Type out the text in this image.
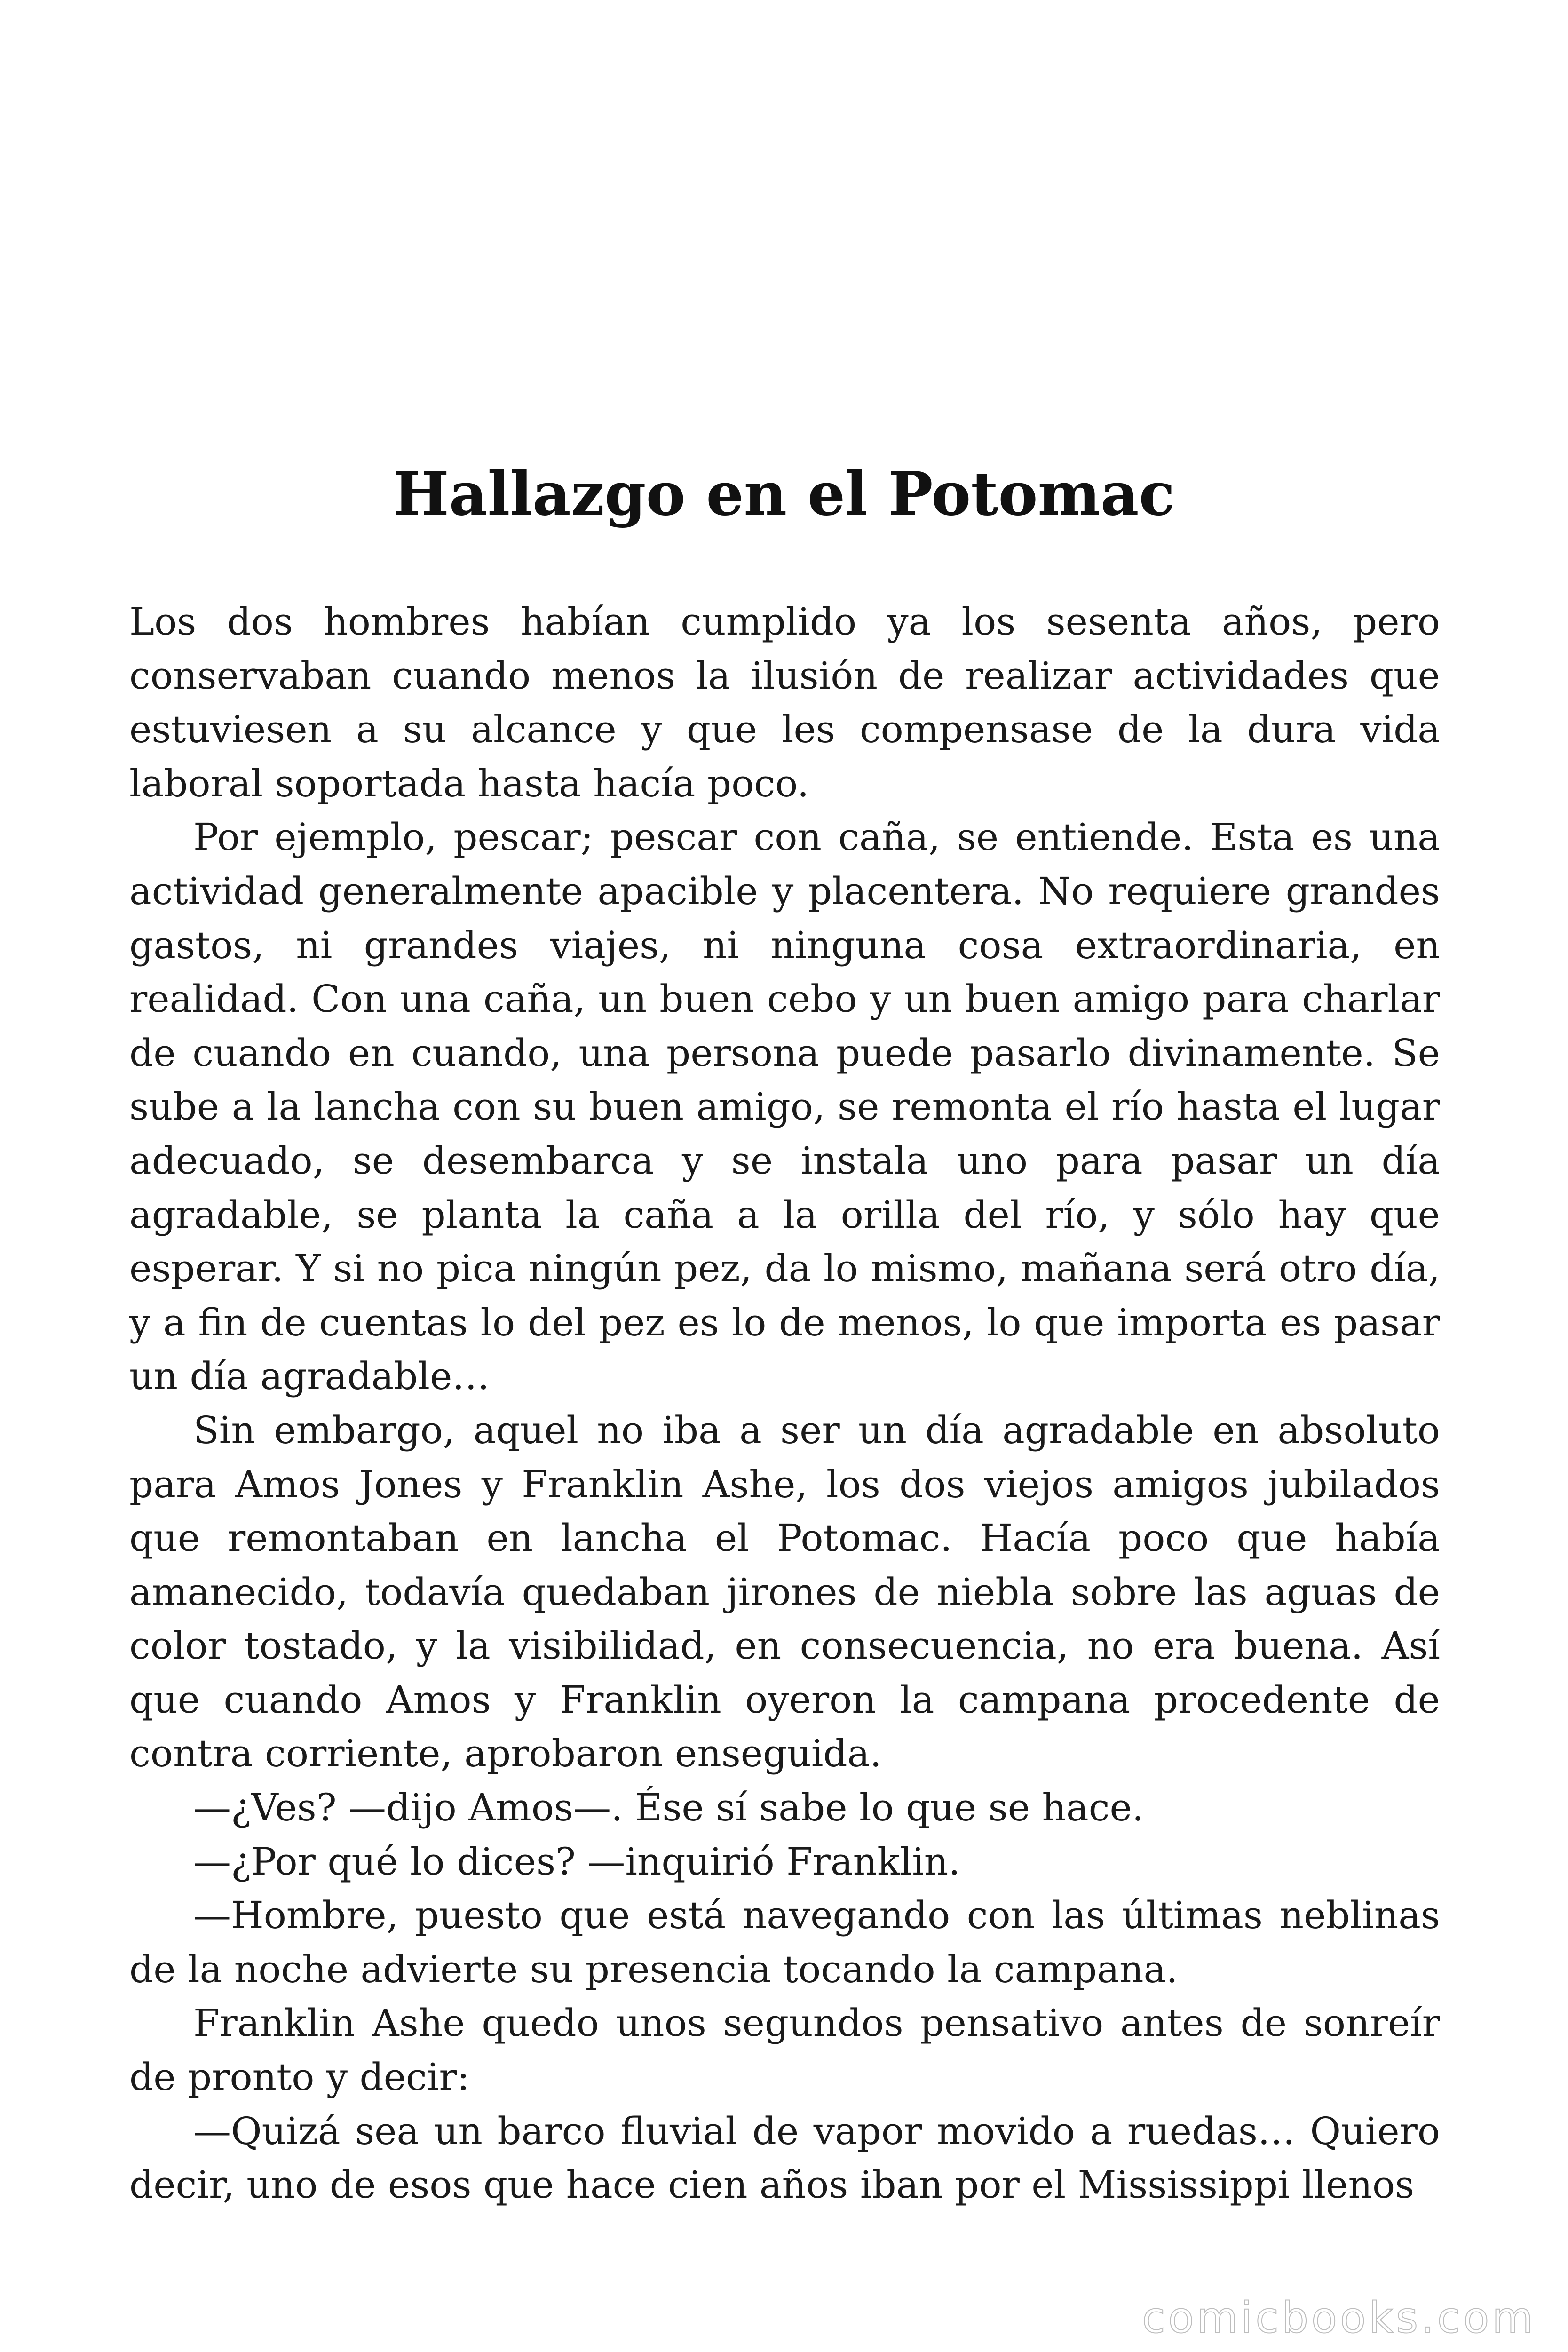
Hallazgo en el Potomac

Los dos hombres habían cumplido ya los sesenta años, pero conservaban cuando menos la ilusión de realizar actividades que estuviesen a su alcance y que les compensase de la dura vida laboral soportada hasta hacía poco.

Por ejemplo, pescar; pescar con caña, se entiende. Esta es una actividad generalmente apacible y placentera. No requiere grandes gastos, ni grandes viajes, ni ninguna cosa extraordinaria, en realidad. Con una caña, un buen cebo y un buen amigo para charlar de cuando en cuando, una persona puede pasarlo divinamente. Se sube a la lancha con su buen amigo, se remonta el río hasta el lugar adecuado, se desembarca y se instala uno para pasar un día agradable, se planta la caña a la orilla del río, y sólo hay que esperar. Y si no pica ningún pez, da lo mismo, mañana será otro día, y a fin de cuentas lo del pez es lo de menos, lo que importa es pasar un día agradable…

Sin embargo, aquel no iba a ser un día agradable en absoluto para Amos Jones y Franklin Ashe, los dos viejos amigos jubilados que remontaban en lancha el Potomac. Hacía poco que había amanecido, todavía quedaban jirones de niebla sobre las aguas de color tostado, y la visibilidad, en consecuencia, no era buena. Así que cuando Amos y Franklin oyeron la campana procedente de contra corriente, aprobaron enseguida.

—¿Ves? —dijo Amos—. Ése sí sabe lo que se hace.

—¿Por qué lo dices? —inquirió Franklin.

—Hombre, puesto que está navegando con las últimas neblinas de la noche advierte su presencia tocando la campana.

Franklin Ashe quedo unos segundos pensativo antes de sonreír de pronto y decir:

—Quizá sea un barco fluvial de vapor movido a ruedas… Quiero decir, uno de esos que hace cien años iban por el Mississippi llenos

comicbooks.com
